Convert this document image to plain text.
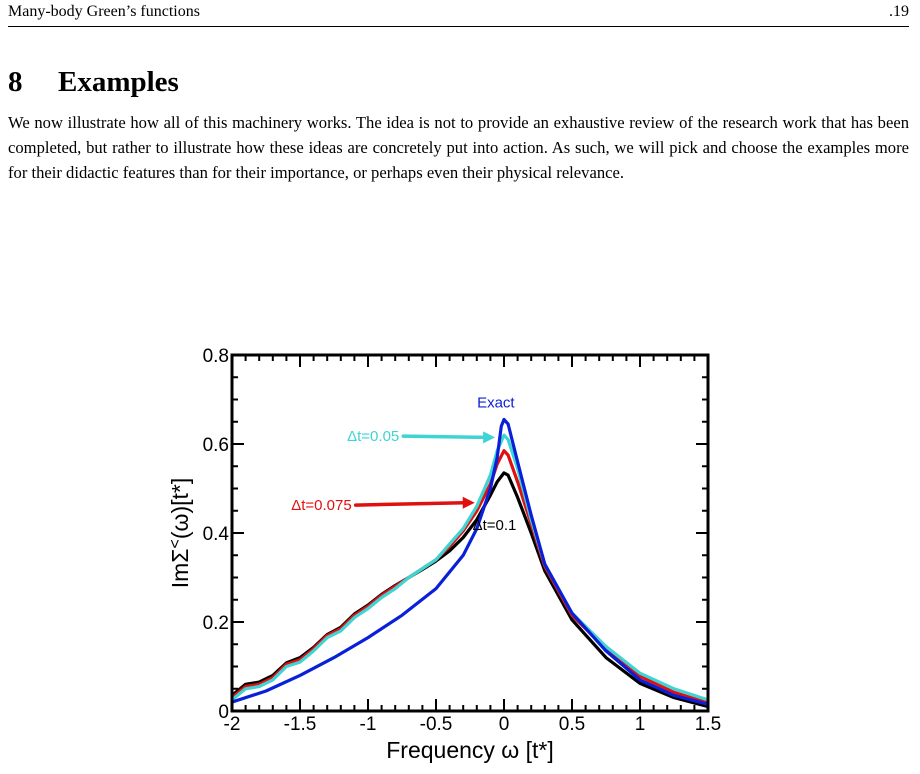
Many-body Green’s functions	.19
8 Examples

We now illustrate how all of this machinery works. The idea is not to provide an exhaustive review of the research work that has been completed, but rather to illustrate how these ideas are concretely put into action. As such, we will pick and choose the examples more for their didactic features than for their importance, or perhaps even their physical relevance.

-2 -1.5 -1 -0.5 0	0.5	1	1.5
0
0.2
0.4
0.6
0.8
Exact
Δt=0.05
Δt=0.075
Δt=0.1
Frequency ω [t*]
ImΣ<(ω)[t*]
